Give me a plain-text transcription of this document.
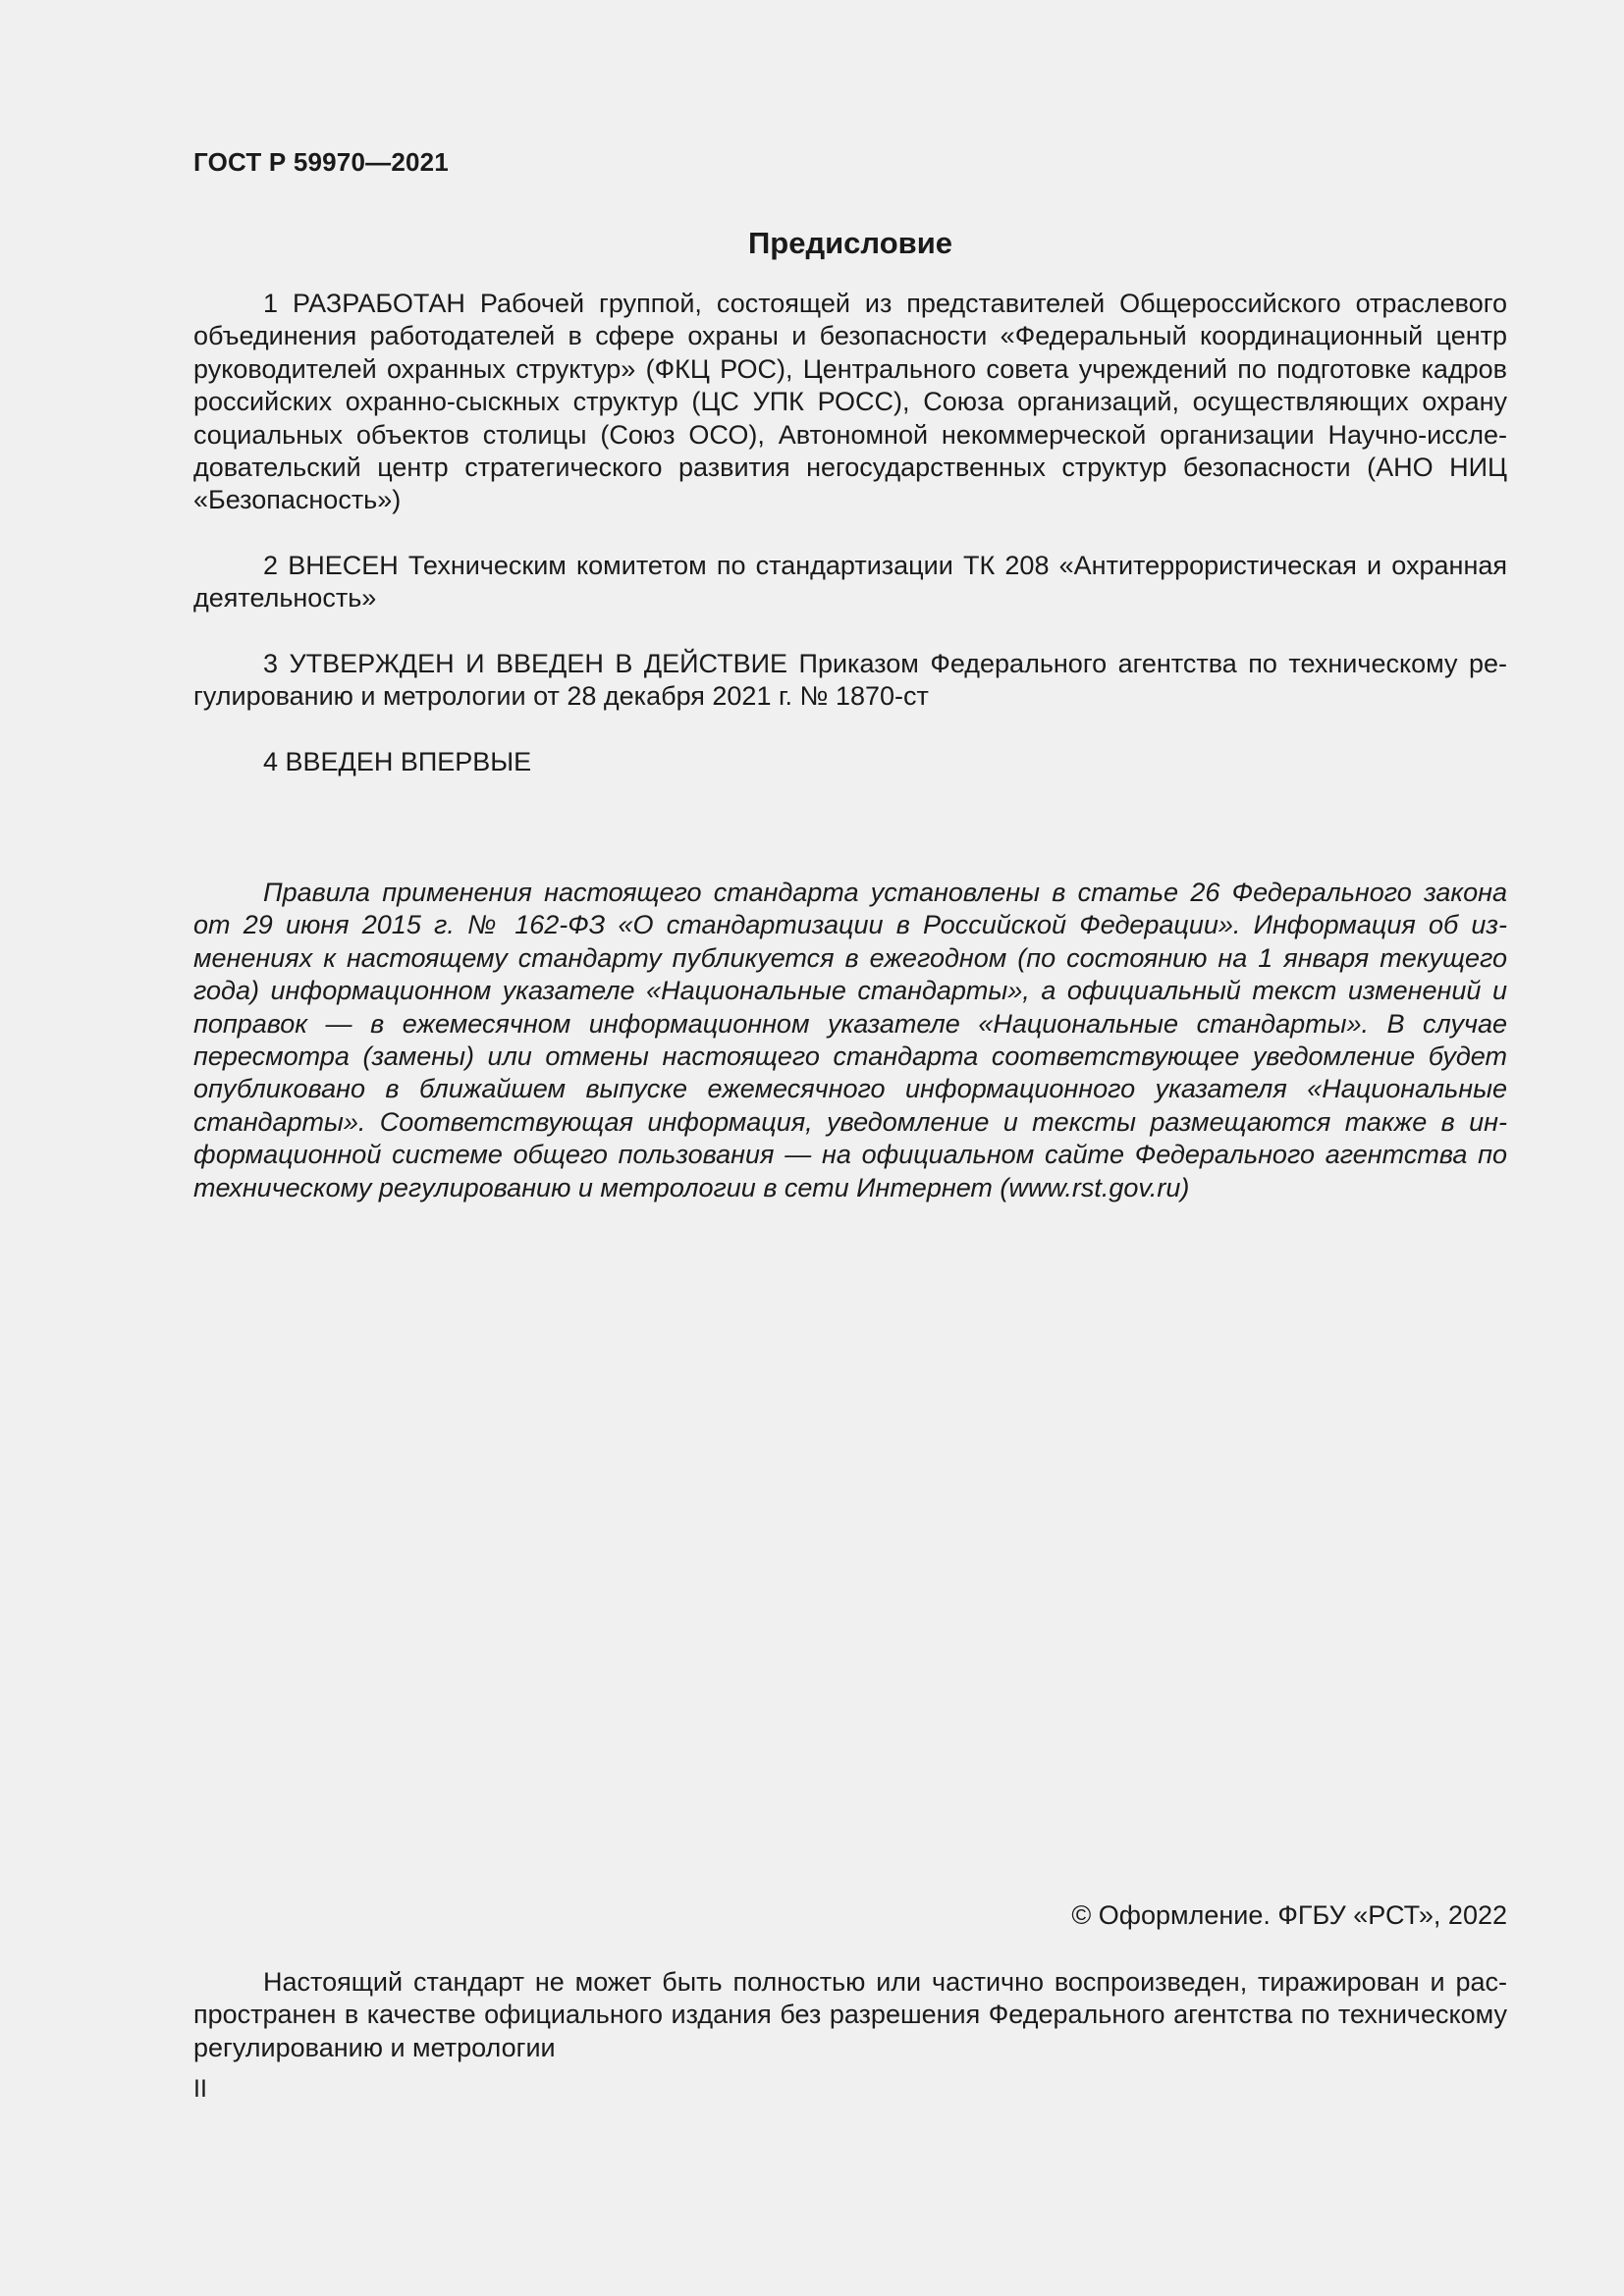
ГОСТ Р 59970—2021
Предисловие

1 РАЗРАБОТАН Рабочей группой, состоящей из представителей Общероссийского отраслевого объединения работодателей в сфере охраны и безопасности «Федеральный координационный центр руководителей охранных структур» (ФКЦ РОС), Центрального совета учреждений по подготовке кадров российских охранно-сыскных структур (ЦС УПК РОСС), Союза организаций, осуществляющих охрану социальных объектов столицы (Союз ОСО), Автономной некоммерческой организации Научно-исследовательский центр стратегического развития негосударственных структур безопасности (АНО НИЦ «Безопасность»)

2 ВНЕСЕН Техническим комитетом по стандартизации ТК 208 «Антитеррористическая и охранная деятельность»

3 УТВЕРЖДЕН И ВВЕДЕН В ДЕЙСТВИЕ Приказом Федерального агентства по техническому регулированию и метрологии от 28 декабря 2021 г. № 1870-ст

4 ВВЕДЕН ВПЕРВЫЕ

Правила применения настоящего стандарта установлены в статье 26 Федерального закона от 29 июня 2015 г. № 162-ФЗ «О стандартизации в Российской Федерации». Информация об изменениях к настоящему стандарту публикуется в ежегодном (по состоянию на 1 января текущего года) информационном указателе «Национальные стандарты», а официальный текст изменений и поправок — в ежемесячном информационном указателе «Национальные стандарты». В случае пересмотра (замены) или отмены настоящего стандарта соответствующее уведомление будет опубликовано в ближайшем выпуске ежемесячного информационного указателя «Национальные стандарты». Соответствующая информация, уведомление и тексты размещаются также в информационной системе общего пользования — на официальном сайте Федерального агентства по техническому регулированию и метрологии в сети Интернет (www.rst.gov.ru)

© Оформление. ФГБУ «РСТ», 2022

Настоящий стандарт не может быть полностью или частично воспроизведен, тиражирован и распространен в качестве официального издания без разрешения Федерального агентства по техническому регулированию и метрологии

II
